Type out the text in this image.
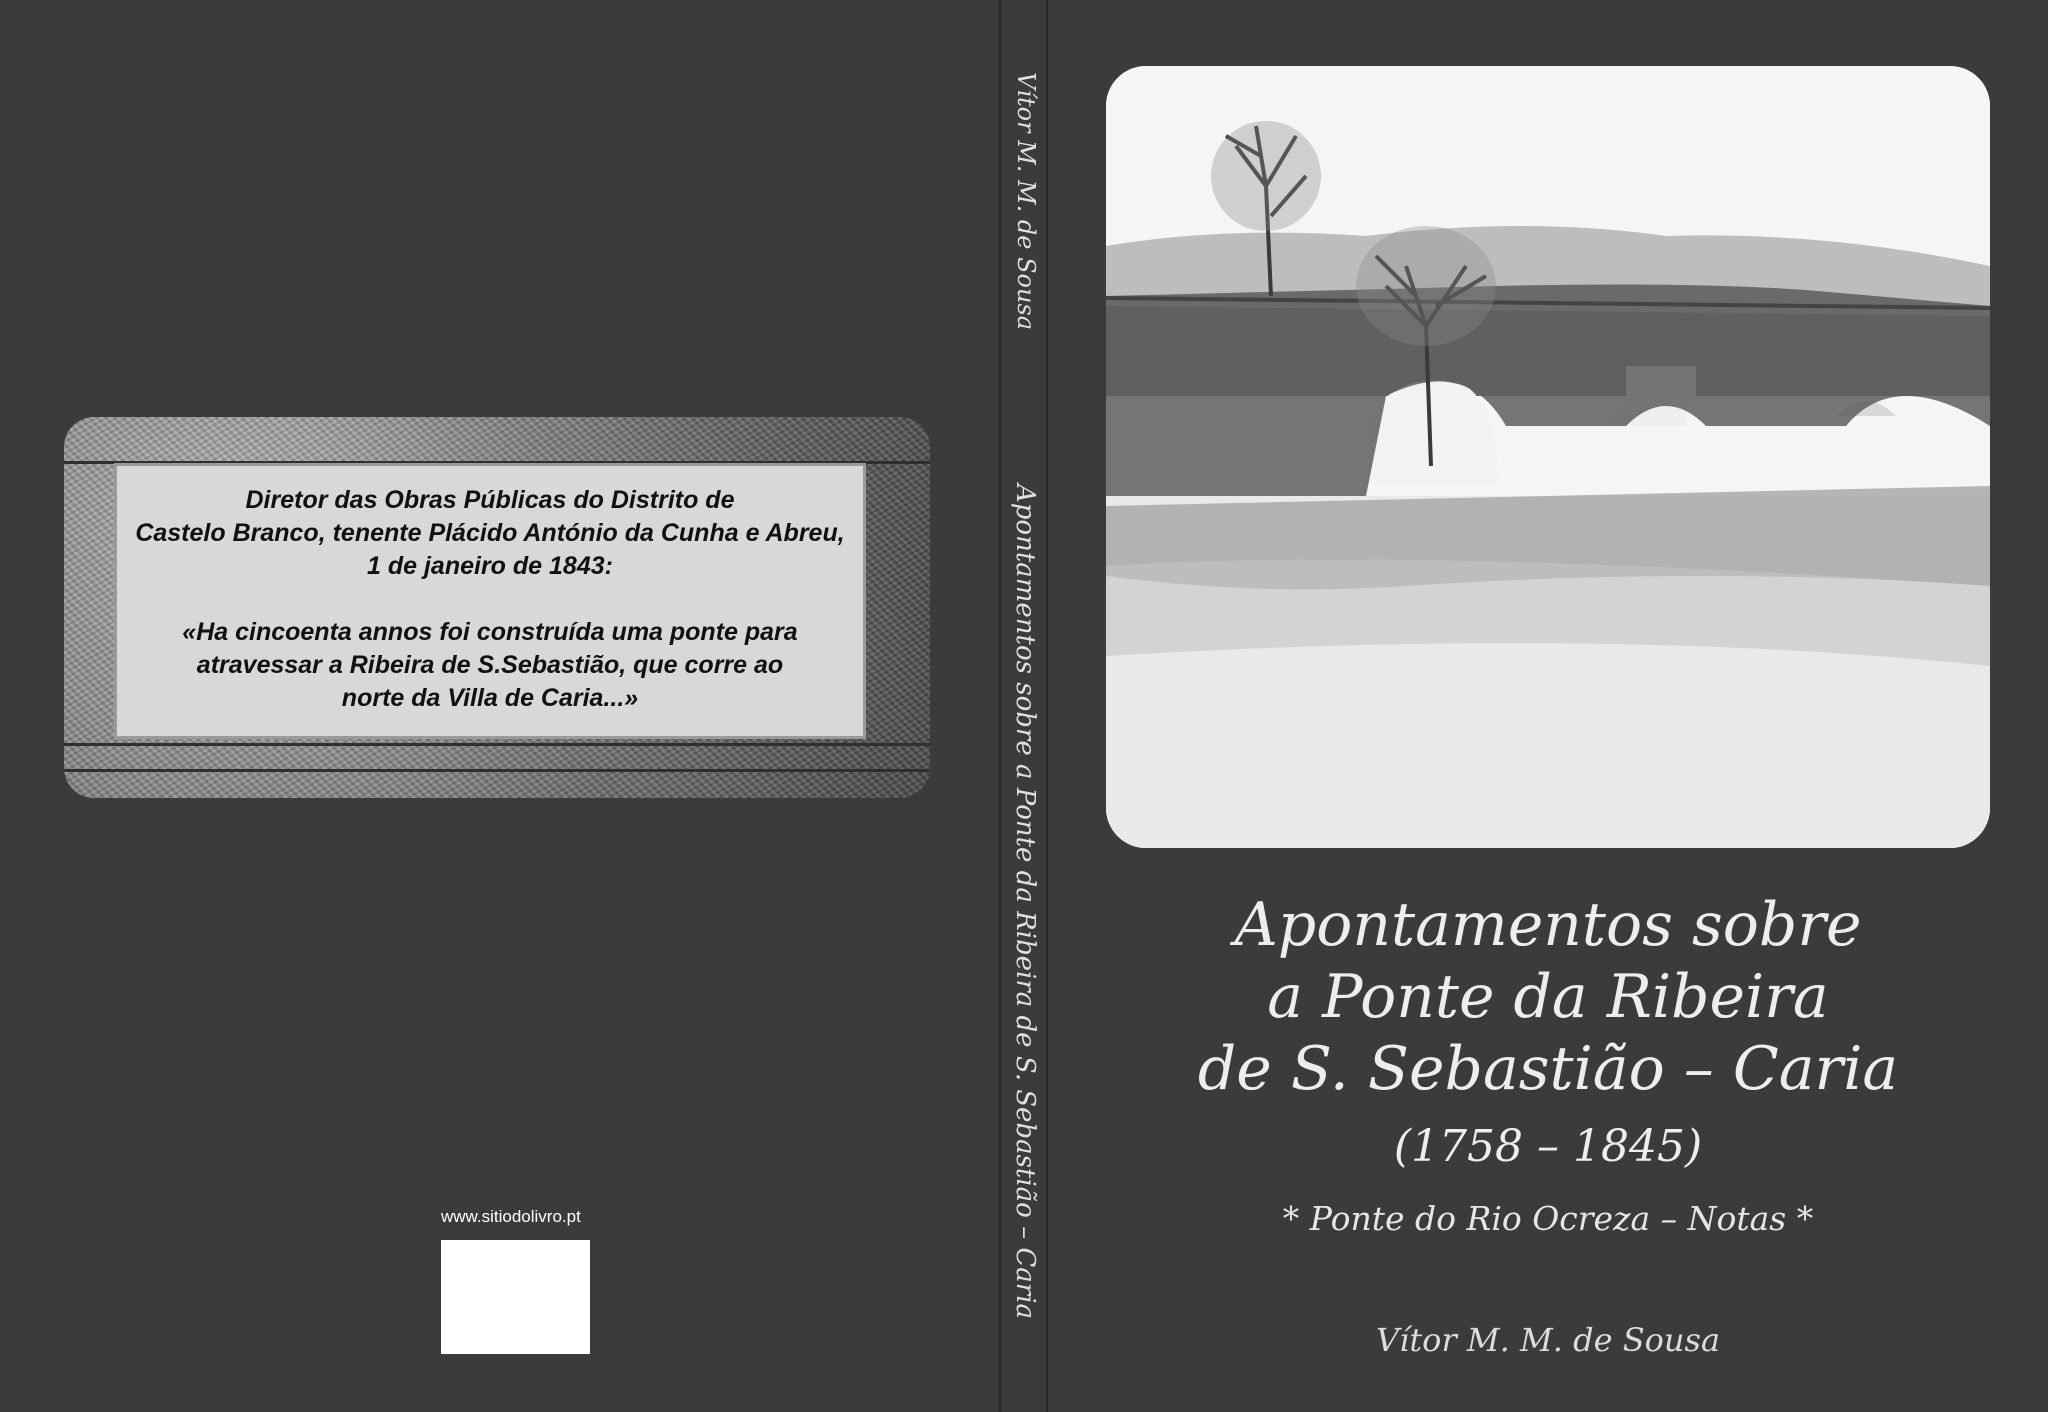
Diretor das Obras Públicas do Distrito de
Castelo Branco, tenente Plácido António da Cunha e Abreu,
1 de janeiro de 1843:
«Ha cincoenta annos foi construída uma ponte para
atravessar a Ribeira de S.Sebastião, que corre ao
norte da Villa de Caria...»
www.sitiodolivro.pt
Vítor M. M. de Sousa
Apontamentos sobre a Ponte da Ribeira de S. Sebastião – Caria	Apontamentos sobre
a Ponte da Ribeira
de S. Sebastião – Caria
(1758 – 1845)
* Ponte do Rio Ocreza – Notas *
Vítor M. M. de Sousa
